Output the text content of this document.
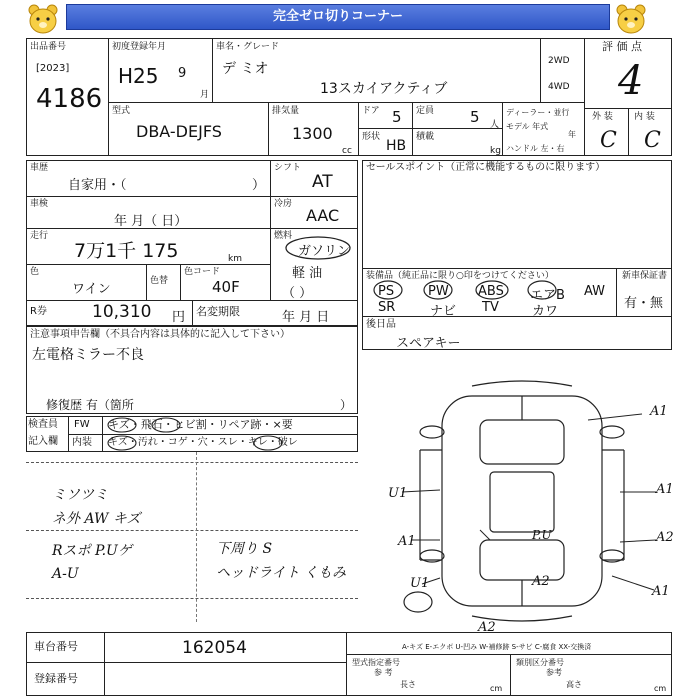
完全ゼロ切りコーナー
出品番号
[2023]
4186
初度登録年月
H25 9
月
車名・グレード
デ ミオ
13スカイアクティブ
2WD
4WD
評 価 点
4
外 装 内 装
C C
型式
DBA-DEJFS
排気量
1300
cc
ドア 5 定員 5 人
形状
HB
積載
kg
ディーラー・並行
モデル 年式
年
ハンドル 左・右
車歴
自家用・（	）
シフト
AT
車検
年 月（ 日）
冷房
AAC
走行
7万1千 175	km
燃料
ガソリン
軽 油
（ ）
色
ワイン
色替
色コード
40F
R券	10,310 円 名変期限	年 月 日
セールスポイント（正常に機能するものに限ります）
装備品（純正品に限り○印をつけてください）	新車保証書
有・無
PS	PW ABS エアB AW
SR	ナビ TV	カワ
後日品
スペアキー
注意事項申告欄（不具合内容は具体的に記入して下さい）
左電格ミラー不良
修復歴 有（箇所	）
検査員
記入欄
FW キズ・飛石・ヒビ割・リペア跡・×要
内装 キズ・汚れ・コゲ・穴・スレ・キレ・破レ
ミソツミ
ネ外 AW キズ
Rスポ P.Uゲ
A-U
下周り S
ヘッドライト くもみ
A1
A1
A2
A1
U1
A1
U1
P.U
A2
A2
A-キズ E-エクボ U-凹み W-補修跡 S-サビ C-腐食 XX-交換済
車台番号	162054
登録番号
型式指定番号
参 考
類別区分番号
参考
長さ	cm	高さ	cm
